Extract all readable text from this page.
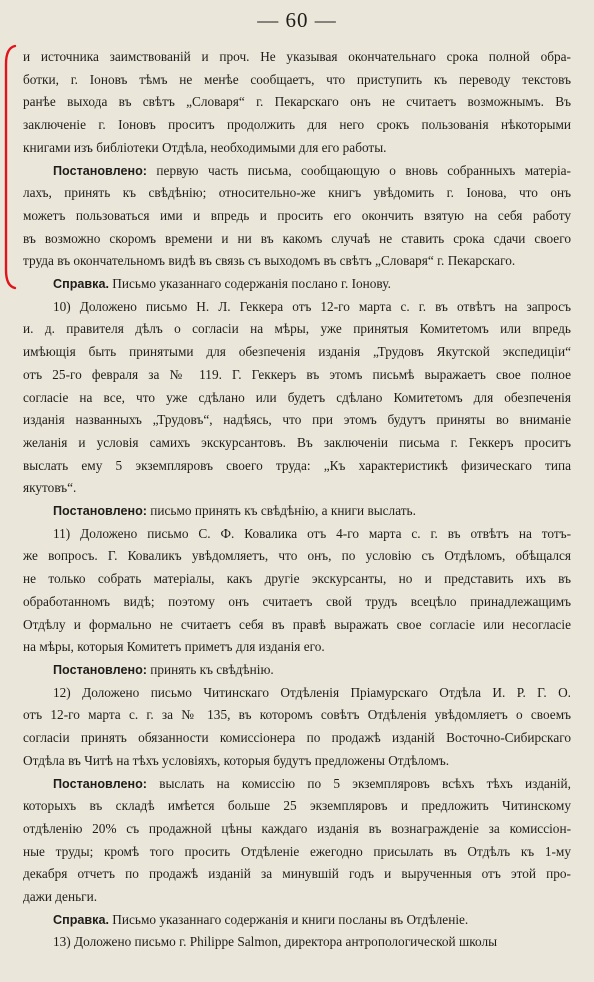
— 60 —
и источника заимствованій и проч. Не указывая окончательнаго срока полной обра-
ботки, г. Іоновъ тѣмъ не менѣе сообщаетъ, что приступить къ переводу текстовъ
ранѣе выхода въ свѣтъ „Словаря“ г. Пекарскаго онъ не считаетъ возможнымъ. Въ
заключеніе г. Іоновъ проситъ продолжить для него срокъ пользованія нѣкоторыми
книгами изъ библіотеки Отдѣла, необходимыми для его работы.
Постановлено: первую часть письма, сообщающую о вновь собранныхъ матеріа-
лахъ, принять къ свѣдѣнію; относительно-же книгъ увѣдомить г. Іонова, что онъ
можетъ пользоваться ими и впредь и просить его окончить взятую на себя работу
въ возможно скоромъ времени и ни въ какомъ случаѣ не ставить срока сдачи своего
труда въ окончательномъ видѣ въ связь съ выходомъ въ свѣтъ „Словаря“ г. Пекарскаго.
Справка. Письмо указаннаго содержанія послано г. Іонову.
10) Доложено письмо Н. Л. Геккера отъ 12-го марта с. г. въ отвѣтъ на запросъ
и. д. правителя дѣлъ о согласіи на мѣры, уже принятыя Комитетомъ или впредь
имѣющія быть принятыми для обезпеченія изданія „Трудовъ Якутской экспедиціи“
отъ 25-го февраля за № 119. Г. Геккеръ въ этомъ письмѣ выражаетъ свое полное
согласіе на все, что уже сдѣлано или будетъ сдѣлано Комитетомъ для обезпеченія
изданія названныхъ „Трудовъ“, надѣясь, что при этомъ будутъ приняты во вниманіе
желанія и условія самихъ экскурсантовъ. Въ заключеніи письма г. Геккеръ проситъ
выслать ему 5 экземпляровъ своего труда: „Къ характеристикѣ физическаго типа
якутовъ“.
Постановлено: письмо принять къ свѣдѣнію, а книги выслать.
11) Доложено письмо С. Ф. Ковалика отъ 4-го марта с. г. въ отвѣтъ на тотъ-
же вопросъ. Г. Коваликъ увѣдомляетъ, что онъ, по условію съ Отдѣломъ, обѣщался
не только собрать матеріалы, какъ другіе экскурсанты, но и представить ихъ въ
обработанномъ видѣ; поэтому онъ считаетъ свой трудъ всецѣло принадлежащимъ
Отдѣлу и формально не считаетъ себя въ правѣ выражать свое согласіе или несогласіе
на мѣры, которыя Комитетъ приметъ для изданія его.
Постановлено: принять къ свѣдѣнію.
12) Доложено письмо Читинскаго Отдѣленія Пріамурскаго Отдѣла И. Р. Г. О.
отъ 12-го марта с. г. за № 135, въ которомъ совѣтъ Отдѣленія увѣдомляетъ о своемъ
согласіи принять обязанности комиссіонера по продажѣ изданій Восточно-Сибирскаго
Отдѣла въ Читѣ на тѣхъ условіяхъ, которыя будутъ предложены Отдѣломъ.
Постановлено: выслать на комиссію по 5 экземпляровъ всѣхъ тѣхъ изданій,
которыхъ въ складѣ имѣется больше 25 экземпляровъ и предложить Читинскому
отдѣленію 20% съ продажной цѣны каждаго изданія въ вознагражденіе за комиссіон-
ные труды; кромѣ того просить Отдѣленіе ежегодно присылать въ Отдѣлъ къ 1-му
декабря отчетъ по продажѣ изданій за минувшій годъ и вырученныя отъ этой про-
дажи деньги.
Справка. Письмо указаннаго содержанія и книги посланы въ Отдѣленіе.
13) Доложено письмо г. Philippe Salmon, директора антропологической школы
